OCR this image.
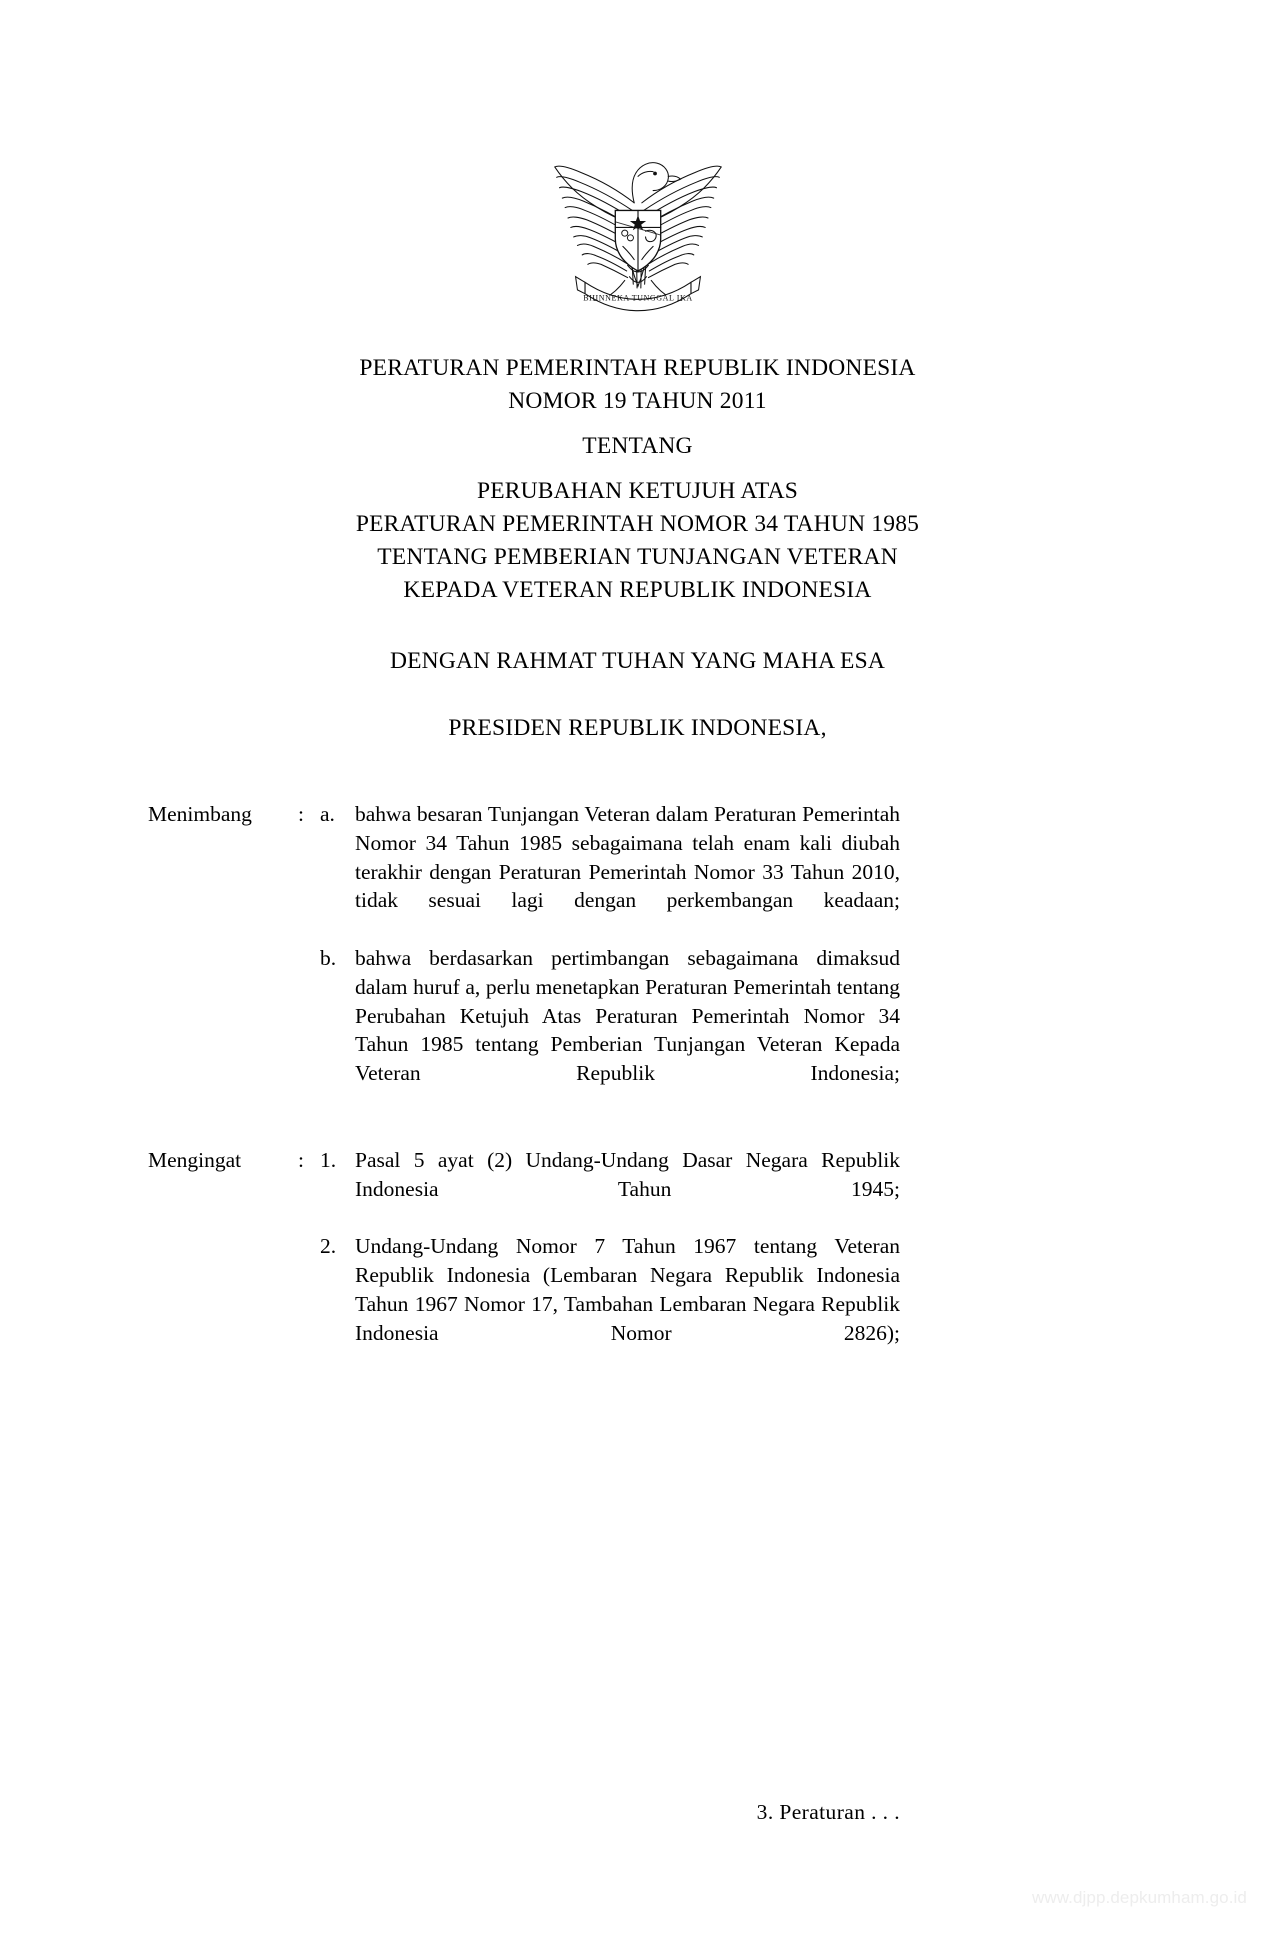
BHINNEKA TUNGGAL IKA
PERATURAN PEMERINTAH REPUBLIK INDONESIA
NOMOR 19 TAHUN 2011
TENTANG
PERUBAHAN KETUJUH ATAS
PERATURAN PEMERINTAH NOMOR 34 TAHUN 1985
TENTANG PEMBERIAN TUNJANGAN VETERAN
KEPADA VETERAN REPUBLIK INDONESIA
DENGAN RAHMAT TUHAN YANG MAHA ESA
PRESIDEN REPUBLIK INDONESIA,
Menimbang	: a. bahwa besaran Tunjangan Veteran dalam Peraturan Pemerintah Nomor 34 Tahun 1985 sebagaimana telah enam kali diubah terakhir dengan Peraturan Pemerintah Nomor 33 Tahun 2010, tidak sesuai lagi dengan perkembangan keadaan;
b. bahwa berdasarkan pertimbangan sebagaimana dimaksud dalam huruf a, perlu menetapkan Peraturan Pemerintah tentang Perubahan Ketujuh Atas Peraturan Pemerintah Nomor 34 Tahun 1985 tentang Pemberian Tunjangan Veteran Kepada Veteran Republik Indonesia;
Mengingat	: 1. Pasal 5 ayat (2) Undang-Undang Dasar Negara Republik Indonesia Tahun 1945;
2. Undang-Undang Nomor 7 Tahun 1967 tentang Veteran Republik Indonesia (Lembaran Negara Republik Indonesia Tahun 1967 Nomor 17, Tambahan Lembaran Negara Republik Indonesia Nomor 2826);
3. Peraturan . . .
www.djpp.depkumham.go.id
